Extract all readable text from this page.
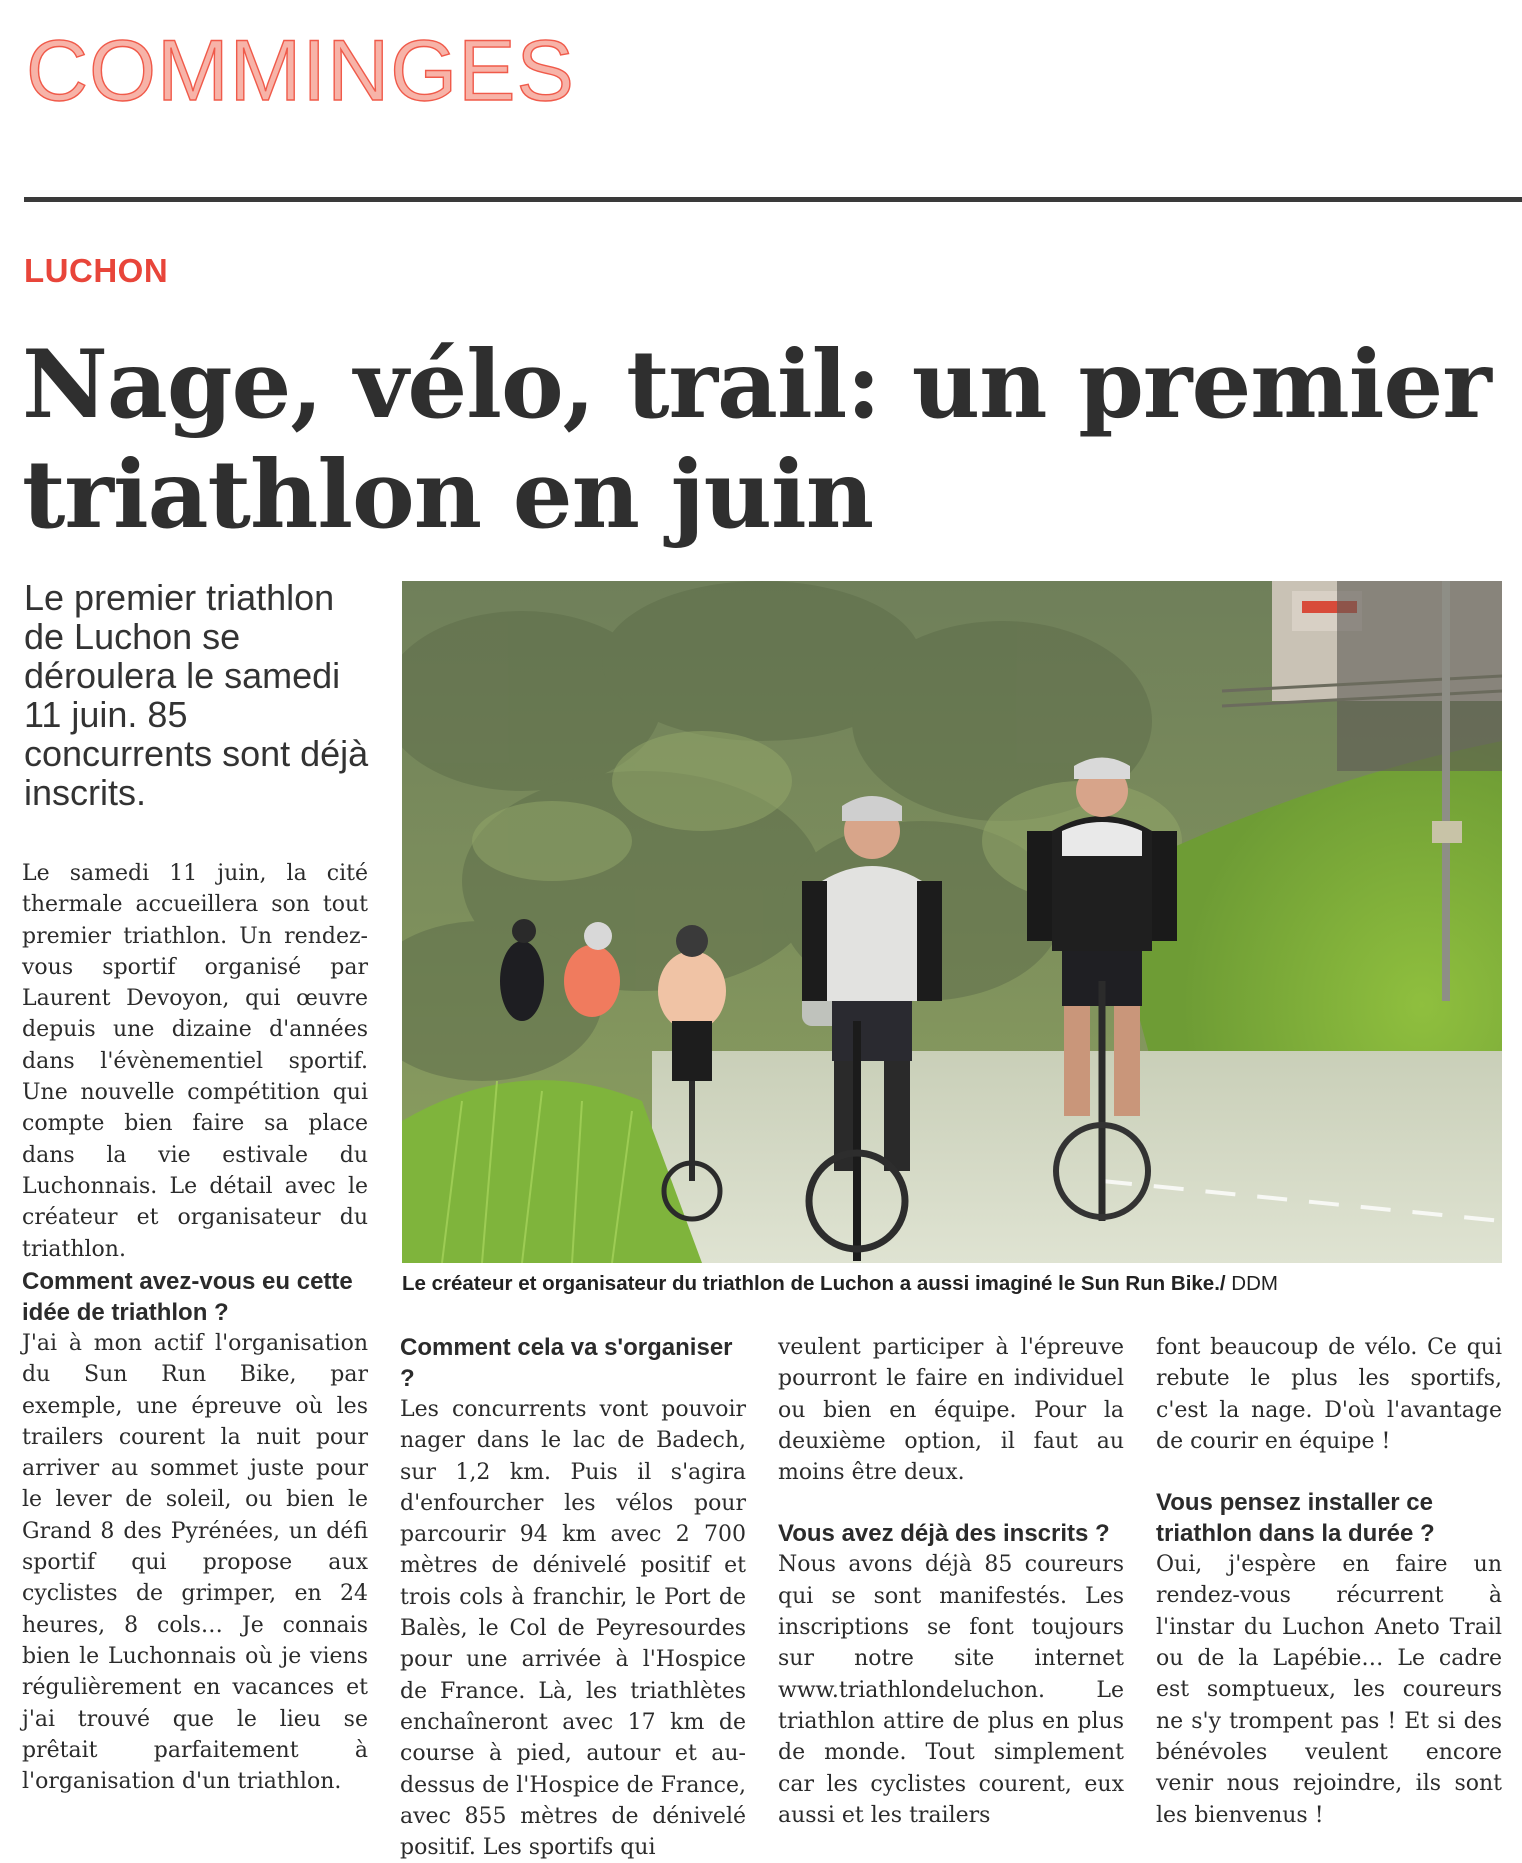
COMMINGES
LUCHON
Nage, vélo, trail: un premier triathlon en juin
Le premier triathlon de Luchon se déroulera le samedi 11 juin. 85 concurrents sont déjà inscrits.
Le créateur et organisateur du triathlon de Luchon a aussi imaginé le Sun Run Bike./ DDM

Le samedi 11 juin, la cité thermale accueillera son tout premier triathlon. Un rendez-vous sportif organisé par Laurent Devoyon, qui œuvre depuis une dizaine d'années dans l'évènementiel sportif. Une nouvelle compétition qui compte bien faire sa place dans la vie estivale du Luchonnais. Le détail avec le créateur et organisateur du triathlon.

Comment avez-vous eu cette idée de triathlon ?

J'ai à mon actif l'organisation du Sun Run Bike, par exemple, une épreuve où les trailers courent la nuit pour arriver au sommet juste pour le lever de soleil, ou bien le Grand 8 des Pyrénées, un défi sportif qui propose aux cyclistes de grimper, en 24 heures, 8 cols… Je connais bien le Luchonnais où je viens régulièrement en vacances et j'ai trouvé que le lieu se prêtait parfaitement à l'organisation d'un triathlon.

Comment cela va s'organiser ?

Les concurrents vont pouvoir nager dans le lac de Badech, sur 1,2 km. Puis il s'agira d'enfourcher les vélos pour parcourir 94 km avec 2 700 mètres de dénivelé positif et trois cols à franchir, le Port de Balès, le Col de Peyresourdes pour une arrivée à l'Hospice de France. Là, les triathlètes enchaîneront avec 17 km de course à pied, autour et au-dessus de l'Hospice de France, avec 855 mètres de dénivelé positif. Les sportifs qui

veulent participer à l'épreuve pourront le faire en individuel ou bien en équipe. Pour la deuxième option, il faut au moins être deux.

Vous avez déjà des inscrits ?

Nous avons déjà 85 coureurs qui se sont manifestés. Les inscriptions se font toujours sur notre site internet www.triathlondeluchon. Le triathlon attire de plus en plus de monde. Tout simplement car les cyclistes courent, eux aussi et les trailers

font beaucoup de vélo. Ce qui rebute le plus les sportifs, c'est la nage. D'où l'avantage de courir en équipe !

Vous pensez installer ce triathlon dans la durée ?

Oui, j'espère en faire un rendez-vous récurrent à l'instar du Luchon Aneto Trail ou de la Lapébie… Le cadre est somptueux, les coureurs ne s'y trompent pas ! Et si des bénévoles veulent encore venir nous rejoindre, ils sont les bienvenus !
